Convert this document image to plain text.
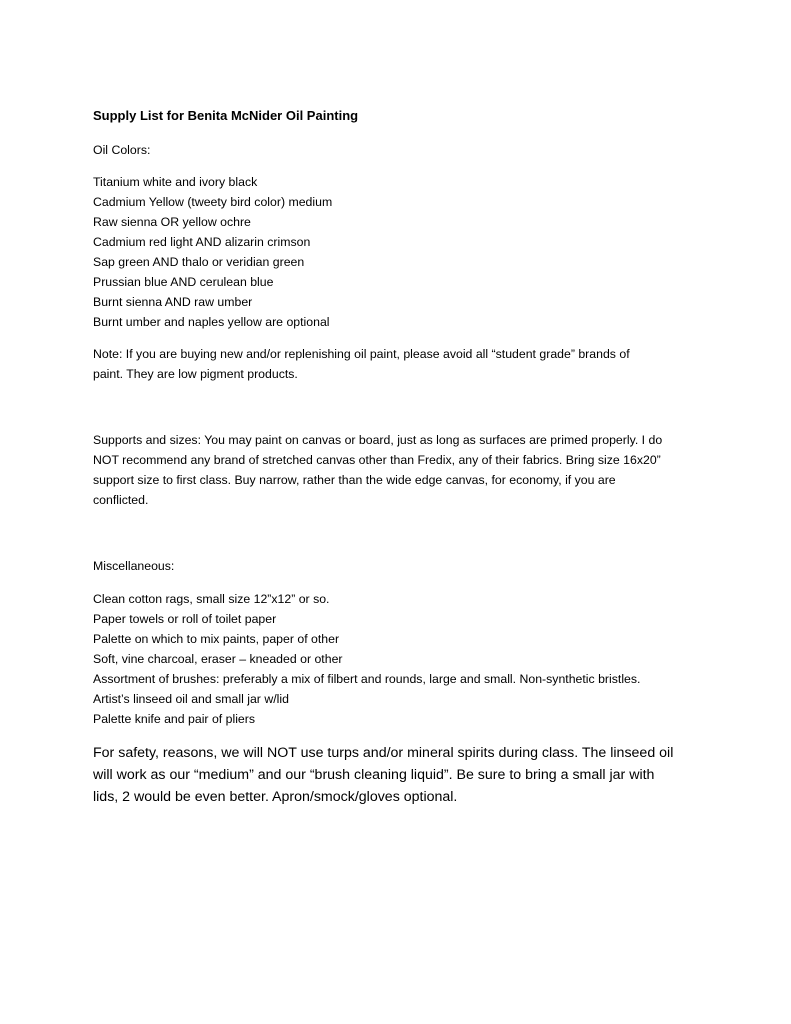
Supply List for Benita McNider Oil Painting
Oil Colors:
Titanium white and ivory black
Cadmium Yellow (tweety bird color) medium
Raw sienna OR yellow ochre
Cadmium red light AND alizarin crimson
Sap green AND thalo or veridian green
Prussian blue AND cerulean blue
Burnt sienna AND raw umber
Burnt umber and naples yellow are optional
Note: If you are buying new and/or replenishing oil paint, please avoid all “student grade” brands of
paint. They are low pigment products.
Supports and sizes: You may paint on canvas or board, just as long as surfaces are primed properly. I do
NOT recommend any brand of stretched canvas other than Fredix, any of their fabrics. Bring size 16x20”
support size to first class. Buy narrow, rather than the wide edge canvas, for economy, if you are
conflicted.
Miscellaneous:
Clean cotton rags, small size 12”x12” or so.
Paper towels or roll of toilet paper
Palette on which to mix paints, paper of other
Soft, vine charcoal, eraser – kneaded or other
Assortment of brushes: preferably a mix of filbert and rounds, large and small. Non-synthetic bristles.
Artist’s linseed oil and small jar w/lid
Palette knife and pair of pliers
For safety, reasons, we will NOT use turps and/or mineral spirits during class. The linseed oil
will work as our “medium” and our “brush cleaning liquid”. Be sure to bring a small jar with
lids, 2 would be even better. Apron/smock/gloves optional.
